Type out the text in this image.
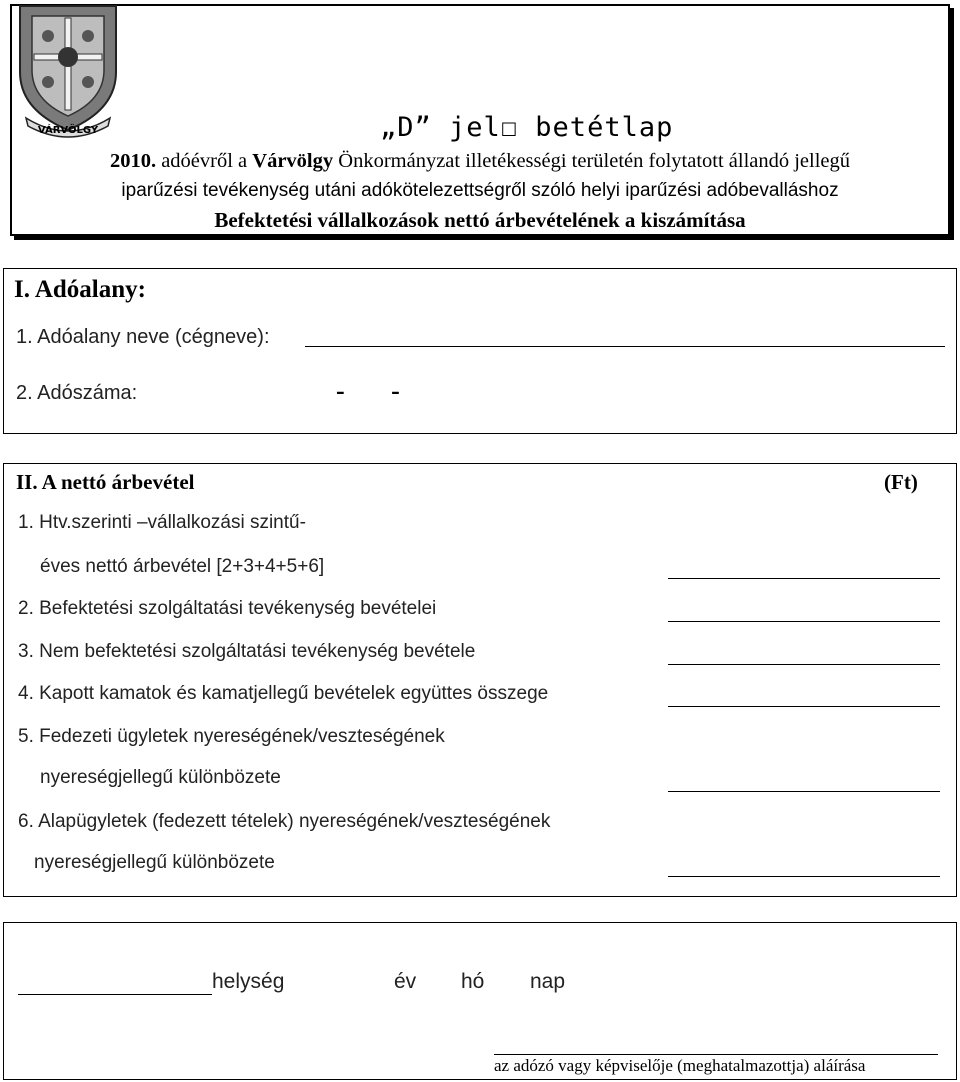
VÁRVÖLGY	„D” jel☐ betétlap
2010. adóévről a Várvölgy Önkormányzat illetékességi területén folytatott állandó jellegű
iparűzési tevékenység utáni adókötelezettségről szóló helyi iparűzési adóbevalláshoz
Befektetési vállalkozások nettó árbevételének a kiszámítása
I. Adóalany:
1. Adóalany neve (cégneve):
2. Adószáma:	- -
II. A nettó árbevétel	(Ft)
1. Htv.szerinti –vállalkozási szintű-
éves nettó árbevétel [2+3+4+5+6]
2. Befektetési szolgáltatási tevékenység bevételei
3. Nem befektetési szolgáltatási tevékenység bevétele
4. Kapott kamatok és kamatjellegű bevételek együttes összege
5. Fedezeti ügyletek nyereségének/veszteségének
nyereségjellegű különbözete
6. Alapügyletek (fedezett tételek) nyereségének/veszteségének
nyereségjellegű különbözete
helység	év hó nap
az adózó vagy képviselője (meghatalmazottja) aláírása
